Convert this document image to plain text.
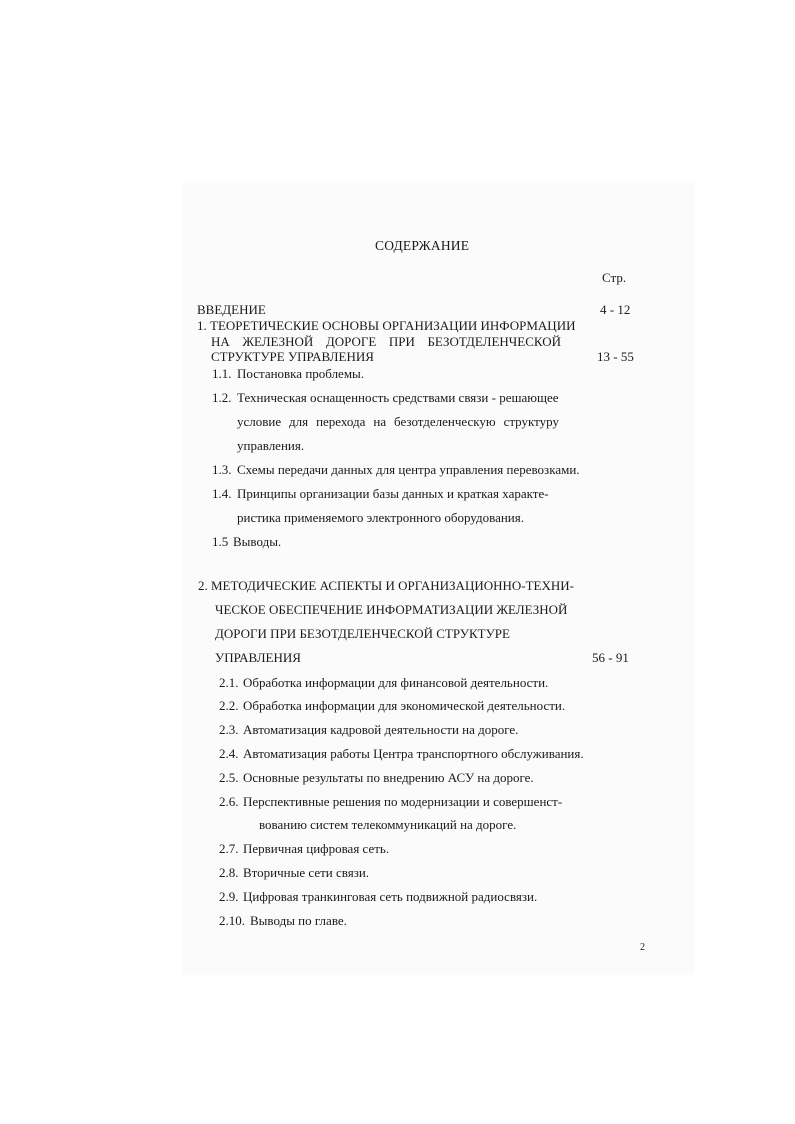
СОДЕРЖАНИЕ
Стр.
ВВЕДЕНИЕ	4 - 12
1. ТЕОРЕТИЧЕСКИЕ ОСНОВЫ ОРГАНИЗАЦИИ ИНФОРМАЦИИ
НА ЖЕЛЕЗНОЙ ДОРОГЕ ПРИ БЕЗОТДЕЛЕНЧЕСКОЙ
СТРУКТУРЕ УПРАВЛЕНИЯ	13 - 55
1.1. Постановка проблемы.
1.2. Техническая оснащенность средствами связи - решающее
условие для перехода на безотделенческую структуру
управления.
1.3. Схемы передачи данных для центра управления перевозками.
1.4. Принципы организации базы данных и краткая характе-
ристика применяемого электронного оборудования.
1.5 Выводы.
2. МЕТОДИЧЕСКИЕ АСПЕКТЫ И ОРГАНИЗАЦИОННО-ТЕХНИ-
ЧЕСКОЕ ОБЕСПЕЧЕНИЕ ИНФОРМАТИЗАЦИИ ЖЕЛЕЗНОЙ
ДОРОГИ ПРИ БЕЗОТДЕЛЕНЧЕСКОЙ СТРУКТУРЕ
УПРАВЛЕНИЯ	56 - 91
2.1. Обработка информации для финансовой деятельности.
2.2. Обработка информации для экономической деятельности.
2.3. Автоматизация кадровой деятельности на дороге.
2.4. Автоматизация работы Центра транспортного обслуживания.
2.5. Основные результаты по внедрению АСУ на дороге.
2.6. Перспективные решения по модернизации и совершенст-
вованию систем телекоммуникаций на дороге.
2.7. Первичная цифровая сеть.
2.8. Вторичные сети связи.
2.9. Цифровая транкинговая сеть подвижной радиосвязи.
2.10. Выводы по главе.
2
